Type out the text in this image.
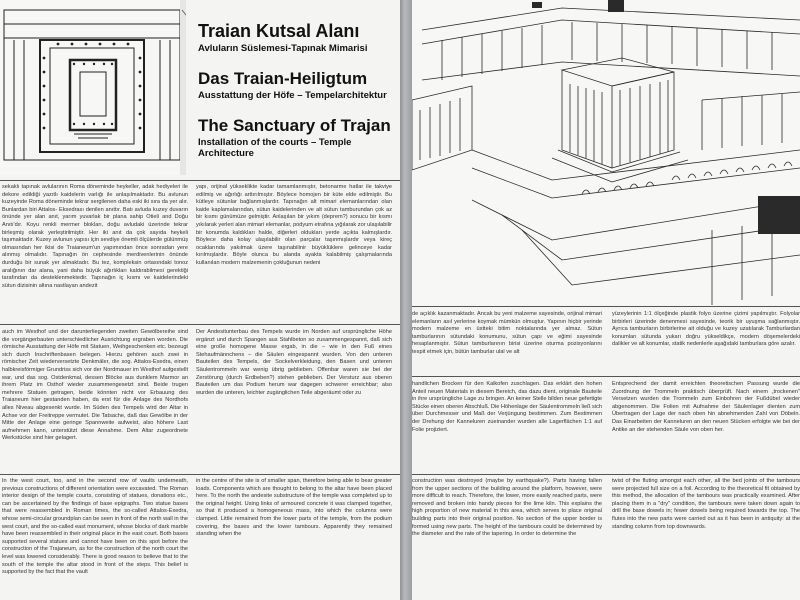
Traian Kutsal Alanı
Avluların Süslemesi-Tapınak Mimarisi
Das Traian-Heiligtum
Ausstattung der Höfe – Tempelarchitektur
The Sanctuary of Trajan
Installation of the courts – Temple Architecture
sekaklı tapınak avlularının Roma döneminde heykeller, adak hediyeleri ile dekore edildiği yazıtlı kaidelerin varlığı ile anlaşılmaktadır. Bu avlunun kuzeyinde Roma döneminde tekrar sergilenen daha eski iki sıra da yer alır. Bunlardan biri Attalos- Eksedrası denilen anıttır. Batı avluda kuzey duvarın önünde yer alan anıt, yarım yuvarlak bir plana sahip Otieli and Doğu Anıtı'dır. Koyu renkli mermer blokları, doğu avludaki üzerinde tekrar birleşmiş olarak yerleştirilmiştir. Her iki anıt da çok sayıda heykeli taşımaktadır. Kuzey avlunun yapısı için sevdiye önemli ölçülerde gülünmüş olmasından her ikisi de Traianeum'un yapımından önce sonradan yere alınmış olmalıdır. Tapınağın ön cephesinde merdivenlerinin önünde durduğu bir sunak yer almaktadır. Bu tez, kompleksin ortasındaki tonoz aralığının dar alana, yani daha büyük ağırlıkları kaldırabilmesi gerektiği tarafından da desteklenmektedir. Tapınağın iç kısmı ve kaidelerindeki sütun dizisinin altına nastlayan andezit
yapı, orijinal yükseklikte kadar tamamlanmıştır, betonarme hatlar ile takviye edilmiş ve ağırlığı arttırılmıştır. Böylece homojen bir küte elde edilmiştir. Bu kütleye sütunlar bağlanmışlardır. Tapınağın alt mimari elemanlarından olan kaide kaplamalarından, sütun kaidelerinden ve alt sütun tamburundan çok az bir kısmı günümüze gelmiştir. Anlaşılan bir yıkım (deprem?) sonucu bir kısmı yıkılarak yerleri alan mimari elemanlar, podyum etrafına yığılarak zor ulaşılabilir bir konumda kaldıkları halde, diğerleri oldukları yerde açıkta kalmışlardır. Böylece daha kolay ulaşılabilir olan parçalar taşınmışlardır veya kireç ocaklarında yakılmak üzere taşınabilinir büyüklüklere gelinceye kadar kırılmışlardır. Böyle olunca bu alanda ayakta kalabilmiş çalışmalarında kullanılan modern malzemenin çokluğunun nedeni
auch im Westhof und der darunterliegenden zweiten Gewölbereihe sind die vorgängerbauten unterschiedlicher Ausrichtung ergraben worden. Die römische Ausstattung der Höfe mit Statuen, Weihgeschenken etc. bezeugt sich durch Inschriftenbasen belegen. Hierzu gehören auch zwei in römischer Zeit wiederversetzte Denkmäler, die sog. Attalos-Exedra, einen halbkreisförmiger Grundriss sich vor der Nordmauer im Westhof aufgestellt war, und das sog. Ostdenkmal, dessen Blöcke aus dunklem Marmor an ihrem Platz im Osthof wieder zusammengesetzt sind. Beide trugen mehrere Statuen getragen, beide könnten nicht vor Erbauung des Traianeum hier gestanden haben, da erst für die Anlage des Nordhofs alles Niveau abgesenkt wurde. Im Süden des Tempels wird der Altar in Achse vor der Freitreppe vermutet. Die Tatsache, daß das Gewölbe in der Mitte der Anlage eine geringe Spannweite aufweist, also höhere Last aufnehmen kann, unterstützt diese Annahme. Dem Altar zugeordnete Werkstücke sind hier gelagert.
Der Andesitunterbau des Tempels wurde im Norden auf ursprüngliche Höhe ergänzt und durch Spangen aus Stahlbeton so zusammengespannt, daß sich eine große homogene Masse ergab, in die – wie in den Fuß eines Stehaufmännchens – die Säulen eingespannt wurden. Von den unteren Bauteilen des Tempels, der Sockelverkleidung, den Basen und unteren Säulentrommeln war wenig übrig geblieben. Offenbar waren sie bei der Zerstörung (durch Erdbeben?) stehen geblieben. Der Versturz aus oberen Bauteilen um das Podium herum war dagegen schwerer erreichbar; also wurden die unteren, leichter zugänglichen Teile abgeräumt oder zu
In the west court, too, and in the second row of vaults underneath, previous constructions of different orientation were excavated. The Roman interior design of the temple courts, consisting of statues, donations etc., can be ascertained by the findings of base epigraphs. Two statue bases that were reassembled in Roman times, the so-called Attalos-Exedra, whose semi-circular groundplan can be seen in front of the north wall in the west court, and the so-called east monument, whose blocks of dark marble have been reassembled in their original place in the east court. Both bases supported several statues and cannot have been on this spot before the construction of the Trajaneum, as for the construction of the north court the level was lowered considerably. There is good reason to believe that to the south of the temple the altar stood in front of the steps. This belief is supported by the fact that the vault
in the centre of the site is of smaller span, therefore being able to bear greater loads. Components which are thought to belong to the altar have been placed here. To the north the andesite substructure of the temple was completed up to the original height. Using links of armoured concrete it was clamped together, so that it produced a homogeneous mass, into which the columns were clamped. Little remained from the lower parts of the temple, from the podium covering, the bases and the lower tambours. Apparently they remained standing when the
de açıklık kazanmaktadır. Ancak bu yeni malzeme sayesinde, orijinal mimari elemanların asıl yerlerine koymak mümkün olmuştur. Yapının hiçbir yerinde modern malzeme en üstteki bitim noktalarında yer almaz. Sütun tamburlarının sütundaki konumunu, sütun çapı ve eğimi sayesinde hesaplanmıştır. Sütun tamburlarının birisi üzerine oturma pozisyonlarını tespit etmek için, bütün tamburlar ulal ve alt
yüzeylerinin 1:1 ölçeğinde plastik folyo üzerine çizimi yapılmıştır. Folyolar birbirleri üzerinde denenmesi sayesinde, teorik bir uyuşma sağlanmıştır. Ayrıca tamburların birbirlerine ait olduğu ve kuzey uzatılarak Tamburlardan konumları sütunda yukarı doğru yükseldikçe, modern döşemelerdeki dalikler ve alt konumlar, statik nedenlerle aşağıdaki tamburlara göre azalır.
handlichen Brocken für den Kalkofen zuschlagen. Das erklärt den hohen Anteil neuen Materials in diesem Bereich, das dazu dient, originale Bauteile in ihre ursprüngliche Lage zu bringen. An keiner Stelle bilden neue gefertigte Stücke einen oberen Abschluß. Die Höhenlage der Säulentrommeln ließ sich über Durchmesser und Maß der Verjüngung bestimmen. Zum Bestimmen der Drehung der Kanneluren zueinander wurden alle Lagerflächen 1:1 auf Folie projiziert.
Entsprechend der damit erreichten theoretischen Passung wurde die Zuordnung der Trommeln praktisch überprüft. Nach einem „trockenen" Versetzen wurden die Trommeln zum Einbohren der Fußdübel wieder abgenommen. Die Folien mit Aufnahme der Säulenlager dienten zum Übertragen der Lage der nach oben hin abnehmenden Zahl von Döbeln. Das Einarbeiten der Kanneluren an den neuen Stücken erfolgte wie bei der Antike an der stehenden Säule von oben her.
construction was destroyed (maybe by earthquake?). Parts having fallen from the upper sections of the building around the platform, however, were more difficult to reach. Therefore, the lower, more easily reached parts, were removed and broken into handy pieces for the lime kiln. This explains the high proportion of new material in this area, which serves to place original building parts into their original position. No section of the upper border is formed using new parts. The height of the tambours could be determined by the diameter and the rate of the tapering. In order to determine the
twist of the fluting amongst each other, all the bed joints of the tambours were projected full size on a foil. According to the theoretical fit obtained by this method, the allocation of the tambours was practically examined. After placing them in a "dry" condition, the tambours were taken down again to drill the base dowels in; fewer dowels being required towards the top. The flutes into the new parts were carried out as it has been in antiquity: at the standing column from top downwards.
